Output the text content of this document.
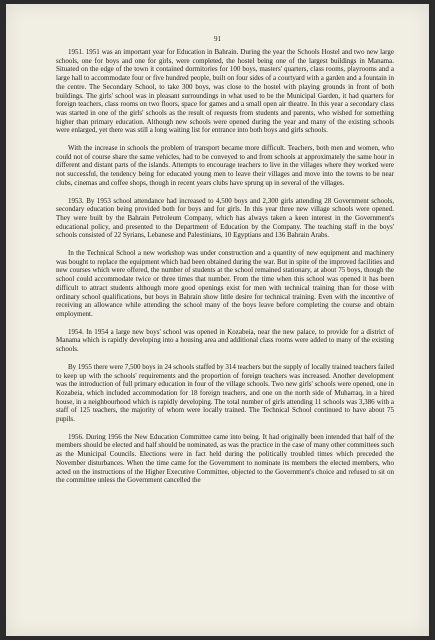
91

1951. 1951 was an important year for Education in Bahrain. During the year the Schools Hostel and two new large schools, one for boys and one for girls, were completed, the hostel being one of the largest buildings in Manama. Situated on the edge of the town it contained dormitories for 100 boys, masters' quarters, class rooms, playrooms and a large hall to accommodate four or five hundred people, built on four sides of a courtyard with a garden and a fountain in the centre. The Secondary School, to take 300 boys, was close to the hostel with playing grounds in front of both buildings. The girls' school was in pleasant surroundings in what used to be the Municipal Garden, it had quarters for foreign teachers, class rooms on two floors, space for games and a small open air theatre. In this year a secondary class was started in one of the girls' schools as the result of requests from students and parents, who wished for something higher than primary education. Although new schools were opened during the year and many of the existing schools were enlarged, yet there was still a long waiting list for entrance into both boys and girls schools.

With the increase in schools the problem of transport became more difficult. Teachers, both men and women, who could not of course share the same vehicles, had to be conveyed to and from schools at approximately the same hour in different and distant parts of the islands. Attempts to encourage teachers to live in the villages where they worked were not successful, the tendency being for educated young men to leave their villages and move into the towns to be near clubs, cinemas and coffee shops, though in recent years clubs have sprung up in several of the villages.

1953. By 1953 school attendance had increased to 4,500 boys and 2,300 girls attending 28 Government schools, secondary education being provided both for boys and for girls. In this year three new village schools were opened. They were built by the Bahrain Petroleum Company, which has always taken a keen interest in the Government's educational policy, and presented to the Department of Education by the Company. The teaching staff in the boys' schools consisted of 22 Syrians, Lebanese and Palestinians, 10 Egyptians and 136 Bahrain Arabs.

In the Technical School a new workshop was under construction and a quantity of new equipment and machinery was bought to replace the equipment which had been obtained during the war. But in spite of the improved facilities and new courses which were offered, the number of students at the school remained stationary, at about 75 boys, though the school could accommodate twice or three times that number. From the time when this school was opened it has been difficult to attract students although more good openings exist for men with technical training than for those with ordinary school qualifications, but boys in Bahrain show little desire for technical training. Even with the incentive of receiving an allowance while attending the school many of the boys leave before completing the course and obtain employment.

1954. In 1954 a large new boys' school was opened in Kozabeia, near the new palace, to provide for a district of Manama which is rapidly developing into a housing area and additional class rooms were added to many of the existing schools.

By 1955 there were 7,500 boys in 24 schools staffed by 314 teachers but the supply of locally trained teachers failed to keep up with the schools' requirements and the proportion of foreign teachers was increased. Another development was the introduction of full primary education in four of the village schools. Two new girls' schools were opened, one in Kozabeia, which included accommodation for 18 foreign teachers, and one on the north side of Muharraq, in a hired house, in a neighbourhood which is rapidly developing. The total number of girls attending 11 schools was 3,386 with a staff of 125 teachers, the majority of whom were locally trained. The Technical School continued to have about 75 pupils.

1956. During 1956 the New Education Committee came into being. It had originally been intended that half of the members should be elected and half should be nominated, as was the practice in the case of many other committees such as the Municipal Councils. Elections were in fact held during the politically troubled times which preceded the November disturbances. When the time came for the Government to nominate its members the elected members, who acted on the instructions of the Higher Executive Committee, objected to the Government's choice and refused to sit on the committee unless the Government cancelled the
